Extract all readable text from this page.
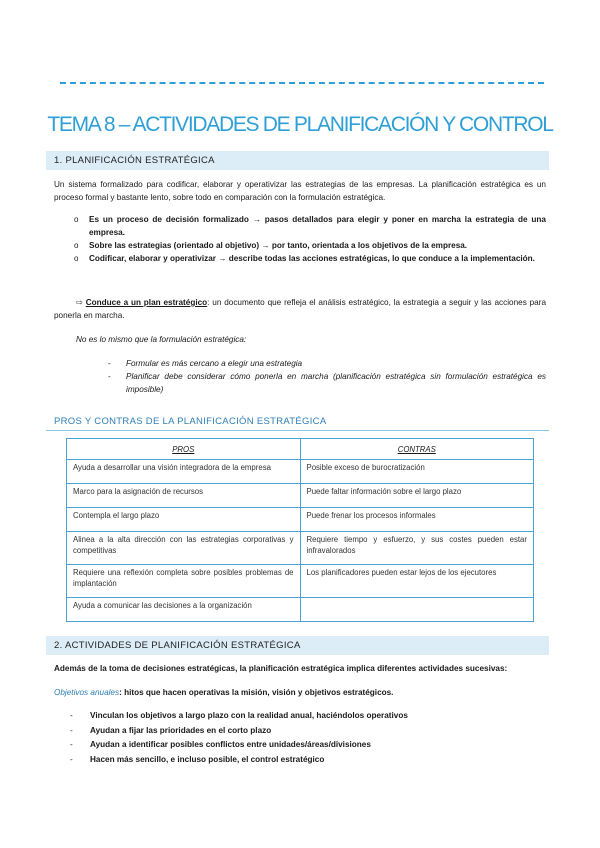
TEMA 8 – ACTIVIDADES DE PLANIFICACIÓN Y CONTROL
1. PLANIFICACIÓN ESTRATÉGICA
Un sistema formalizado para codificar, elaborar y operativizar las estrategias de las empresas. La planificación estratégica es un proceso formal y bastante lento, sobre todo en comparación con la formulación estratégica.
o Es un proceso de decisión formalizado → pasos detallados para elegir y poner en marcha la estrategia de una empresa.
o Sobre las estrategias (orientado al objetivo) → por tanto, orientada a los objetivos de la empresa.
o Codificar, elaborar y operativizar → describe todas las acciones estratégicas, lo que conduce a la implementación.
⇨ Conduce a un plan estratégico: un documento que refleja el análisis estratégico, la estrategia a seguir y las acciones para ponerla en marcha.
No es lo mismo que la formulación estratégica:
- Formular es más cercano a elegir una estrategia
- Planificar debe considerar cómo ponerla en marcha (planificación estratégica sin formulación estratégica es imposible)
PROS Y CONTRAS DE LA PLANIFICACIÓN ESTRATÉGICA
PROS	CONTRAS
Ayuda a desarrollar una visión integradora de la empresa	Posible exceso de burocratización
Marco para la asignación de recursos	Puede faltar información sobre el largo plazo
Contempla el largo plazo	Puede frenar los procesos informales
Alinea a la alta dirección con las estrategias corporativas y competitivas	Requiere tiempo y esfuerzo, y sus costes pueden estar infravalorados
Requiere una reflexión completa sobre posibles problemas de implantación	Los planificadores pueden estar lejos de los ejecutores
Ayuda a comunicar las decisiones a la organización	
2. ACTIVIDADES DE PLANIFICACIÓN ESTRATÉGICA
Además de la toma de decisiones estratégicas, la planificación estratégica implica diferentes actividades sucesivas:
Objetivos anuales: hitos que hacen operativas la misión, visión y objetivos estratégicos.
- Vinculan los objetivos a largo plazo con la realidad anual, haciéndolos operativos
- Ayudan a fijar las prioridades en el corto plazo
- Ayudan a identificar posibles conflictos entre unidades/áreas/divisiones
- Hacen más sencillo, e incluso posible, el control estratégico
